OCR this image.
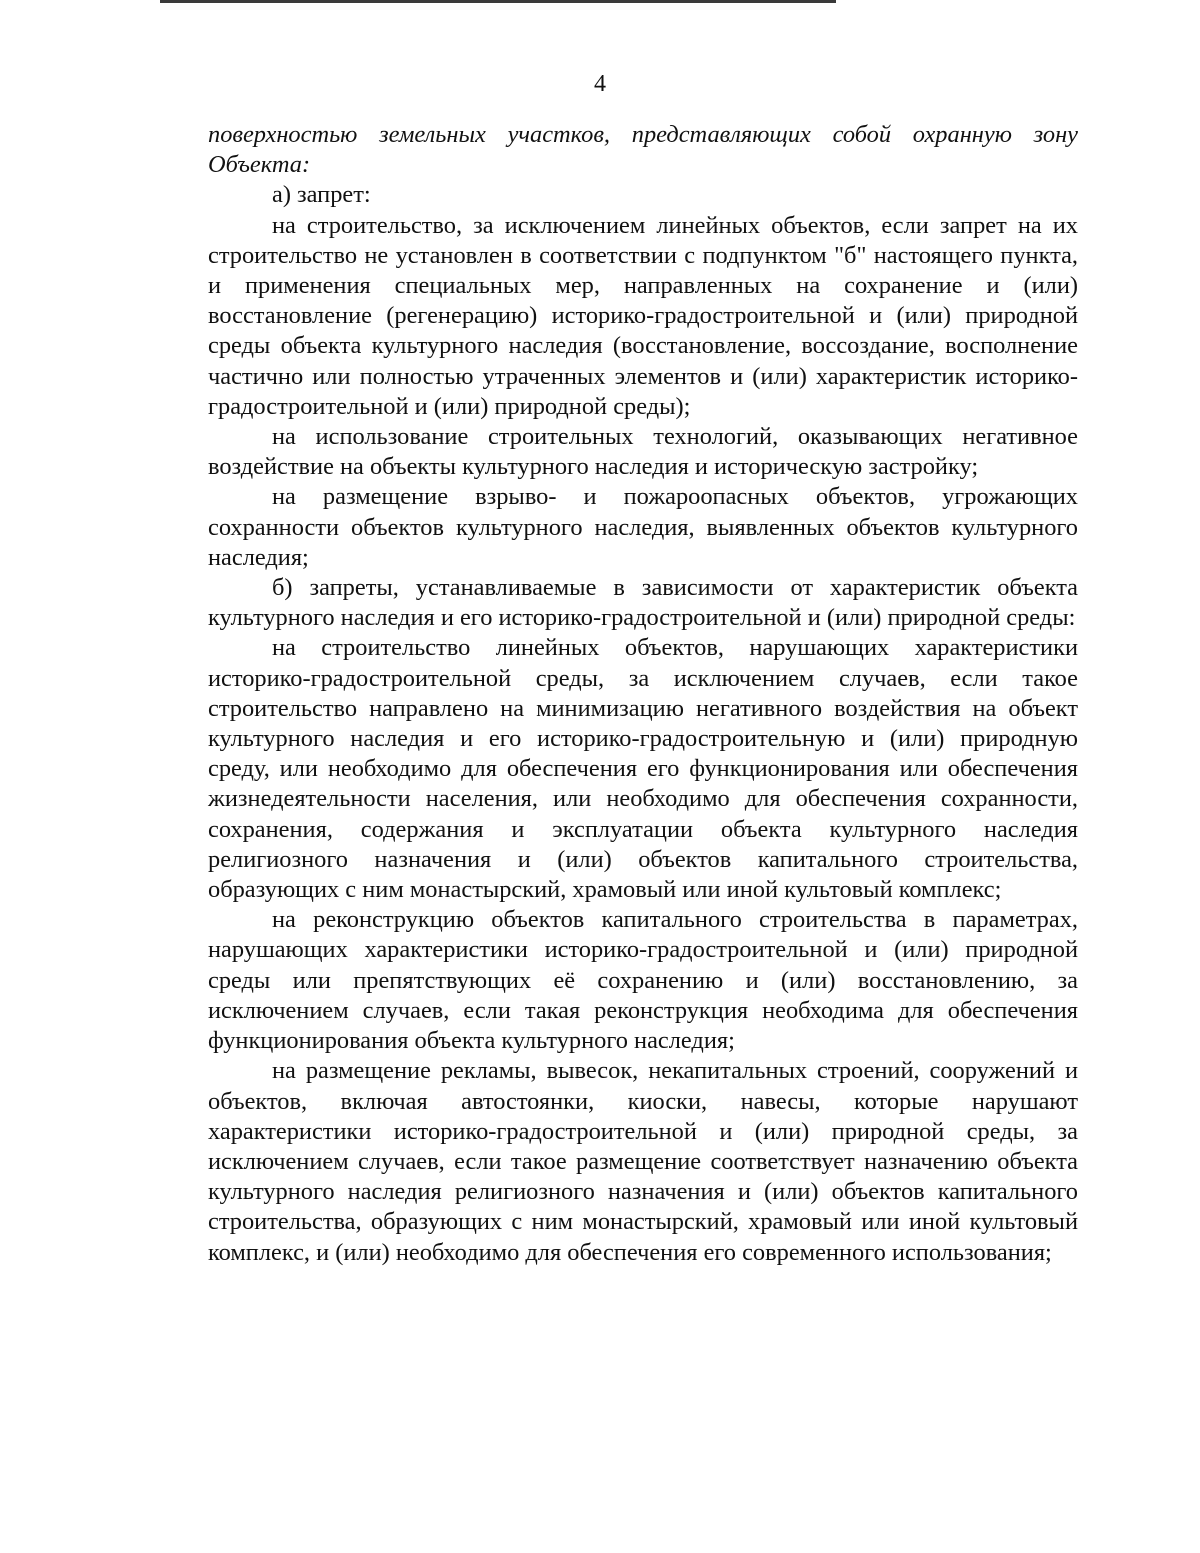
4

поверхностью земельных участков, представляющих собой охранную зону Объекта:

а) запрет:

на строительство, за исключением линейных объектов, если запрет на их строительство не установлен в соответствии с подпунктом "б" настоящего пункта, и применения специальных мер, направленных на сохранение и (или) восстановление (регенерацию) историко-градостроительной и (или) природной среды объекта культурного наследия (восстановление, воссоздание, восполнение частично или полностью утраченных элементов и (или) характеристик историко-градостроительной и (или) природной среды);

на использование строительных технологий, оказывающих негативное воздействие на объекты культурного наследия и историческую застройку;

на размещение взрыво- и пожароопасных объектов, угрожающих сохранности объектов культурного наследия, выявленных объектов культурного наследия;

б) запреты, устанавливаемые в зависимости от характеристик объекта культурного наследия и его историко-градостроительной и (или) природной среды:

на строительство линейных объектов, нарушающих характеристики историко-градостроительной среды, за исключением случаев, если такое строительство направлено на минимизацию негативного воздействия на объект культурного наследия и его историко-градостроительную и (или) природную среду, или необходимо для обеспечения его функционирования или обеспечения жизнедеятельности населения, или необходимо для обеспечения сохранности, сохранения, содержания и эксплуатации объекта культурного наследия религиозного назначения и (или) объектов капитального строительства, образующих с ним монастырский, храмовый или иной культовый комплекс;

на реконструкцию объектов капитального строительства в параметрах, нарушающих характеристики историко-градостроительной и (или) природной среды или препятствующих её сохранению и (или) восстановлению, за исключением случаев, если такая реконструкция необходима для обеспечения функционирования объекта культурного наследия;

на размещение рекламы, вывесок, некапитальных строений, сооружений и объектов, включая автостоянки, киоски, навесы, которые нарушают характеристики историко-градостроительной и (или) природной среды, за исключением случаев, если такое размещение соответствует назначению объекта культурного наследия религиозного назначения и (или) объектов капитального строительства, образующих с ним монастырский, храмовый или иной культовый комплекс, и (или) необходимо для обеспечения его современного использования;
